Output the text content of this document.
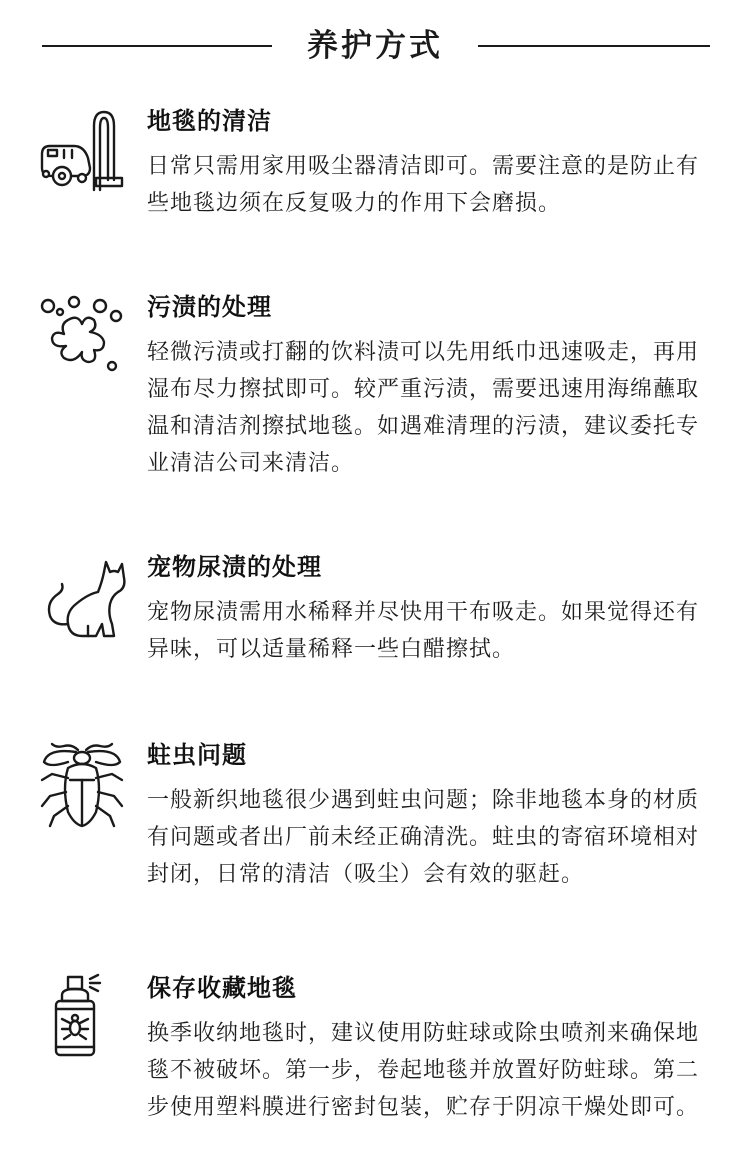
养护方式
地毯的清洁
日常只需用家用吸尘器清洁即可。需要注意的是防止有些地毯边须在反复吸力的作用下会磨损。
污渍的处理
轻微污渍或打翻的饮料渍可以先用纸巾迅速吸走，再用湿布尽力擦拭即可。较严重污渍，需要迅速用海绵蘸取温和清洁剂擦拭地毯。如遇难清理的污渍，建议委托专业清洁公司来清洁。
宠物尿渍的处理
宠物尿渍需用水稀释并尽快用干布吸走。如果觉得还有异味，可以适量稀释一些白醋擦拭。
蛀虫问题
一般新织地毯很少遇到蛀虫问题；除非地毯本身的材质有问题或者出厂前未经正确清洗。蛀虫的寄宿环境相对封闭，日常的清洁（吸尘）会有效的驱赶。
保存收藏地毯
换季收纳地毯时，建议使用防蛀球或除虫喷剂来确保地毯不被破坏。第一步，卷起地毯并放置好防蛀球。第二步使用塑料膜进行密封包装，贮存于阴凉干燥处即可。
